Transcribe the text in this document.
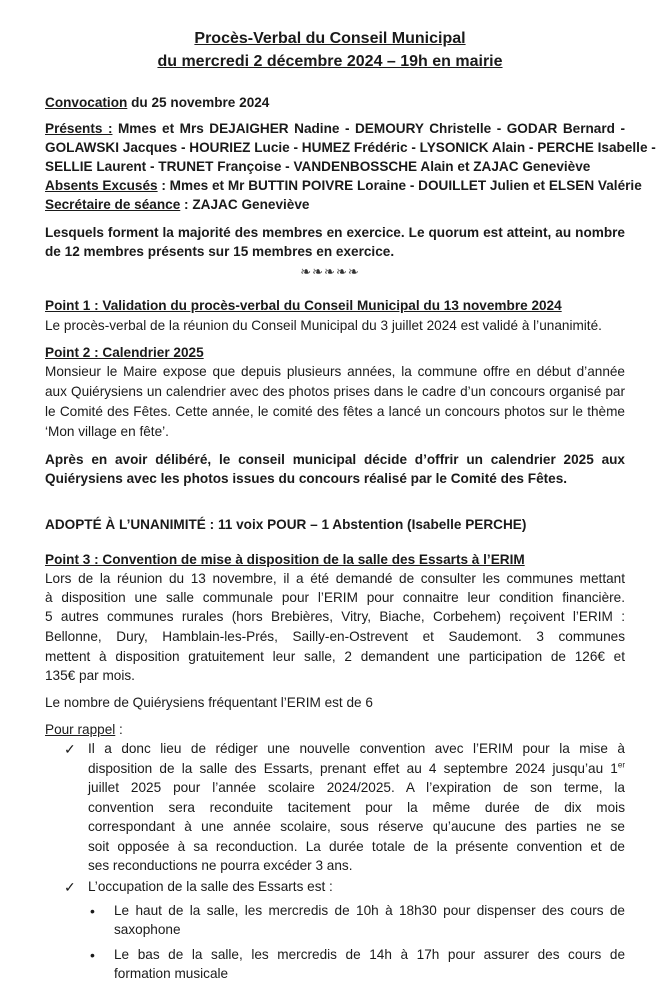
Procès-Verbal du Conseil Municipal
du mercredi 2 décembre 2024 – 19h en mairie
Convocation du 25 novembre 2024
Présents : Mmes et Mrs DEJAIGHER Nadine - DEMOURY Christelle - GODAR Bernard -
GOLAWSKI Jacques - HOURIEZ Lucie - HUMEZ Frédéric - LYSONICK Alain - PERCHE Isabelle -
SELLIE Laurent - TRUNET Françoise - VANDENBOSSCHE Alain et ZAJAC Geneviève
Absents Excusés : Mmes et Mr BUTTIN POIVRE Loraine - DOUILLET Julien et ELSEN Valérie
Secrétaire de séance : ZAJAC Geneviève
Lesquels forment la majorité des membres en exercice. Le quorum est atteint, au nombre
de 12 membres présents sur 15 membres en exercice.
❧❧❧❧❧
Point 1 : Validation du procès-verbal du Conseil Municipal du 13 novembre 2024
Le procès-verbal de la réunion du Conseil Municipal du 3 juillet 2024 est validé à l’unanimité.
Point 2 : Calendrier 2025
Monsieur le Maire expose que depuis plusieurs années, la commune offre en début d’année
aux Quiérysiens un calendrier avec des photos prises dans le cadre d’un concours organisé par
le Comité des Fêtes. Cette année, le comité des fêtes a lancé un concours photos sur le thème
‘Mon village en fête’.
Après en avoir délibéré, le conseil municipal décide d’offrir un calendrier 2025 aux
Quiérysiens avec les photos issues du concours réalisé par le Comité des Fêtes.
ADOPTÉ À L’UNANIMITÉ : 11 voix POUR – 1 Abstention (Isabelle PERCHE)
Point 3 : Convention de mise à disposition de la salle des Essarts à l’ERIM
Lors de la réunion du 13 novembre, il a été demandé de consulter les communes mettant
à disposition une salle communale pour l’ERIM pour connaitre leur condition financière.
5 autres communes rurales (hors Brebières, Vitry, Biache, Corbehem) reçoivent l’ERIM :
Bellonne, Dury, Hamblain-les-Prés, Sailly-en-Ostrevent et Saudemont. 3 communes
mettent à disposition gratuitement leur salle, 2 demandent une participation de 126€ et
135€ par mois.
Le nombre de Quiérysiens fréquentant l’ERIM est de 6
Pour rappel :
✓ Il a donc lieu de rédiger une nouvelle convention avec l’ERIM pour la mise à
disposition de la salle des Essarts, prenant effet au 4 septembre 2024 jusqu’au 1er
juillet 2025 pour l’année scolaire 2024/2025. A l’expiration de son terme, la
convention sera reconduite tacitement pour la même durée de dix mois
correspondant à une année scolaire, sous réserve qu’aucune des parties ne se
soit opposée à sa reconduction. La durée totale de la présente convention et de
ses reconductions ne pourra excéder 3 ans.
✓ L’occupation de la salle des Essarts est :
• Le haut de la salle, les mercredis de 10h à 18h30 pour dispenser des cours de
saxophone
• Le bas de la salle, les mercredis de 14h à 17h pour assurer des cours de
formation musicale
